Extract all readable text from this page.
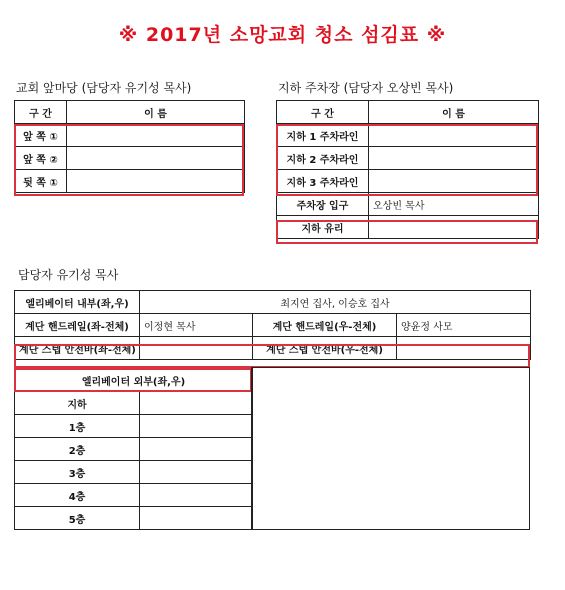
※ 2017년 소망교회 청소 섬김표 ※
교회 앞마당 (담당자 유기성 목사)
구 간	이 름
앞 쪽 ①	
앞 쪽 ②	
뒷 쪽 ①	
지하 주차장 (담당자 오상빈 목사)
구 간	이 름
지하 1 주차라인	
지하 2 주차라인	
지하 3 주차라인	
주차장 입구	오상빈 목사
지하 유리	
담당자 유기성 목사
엘리베이터 내부(좌,우)	최지연 집사, 이승호 집사		
계단 핸드레일(좌-전체)	이정현 목사	계단 핸드레일(우-전체)	양윤정 사모
계단 스텝 안전바(좌-전체)		계단 스텝 안전바(우-전체)	
엘리베이터 외부(좌,우)	
지하	
1층	
2층	
3층	
4층	
5층	
